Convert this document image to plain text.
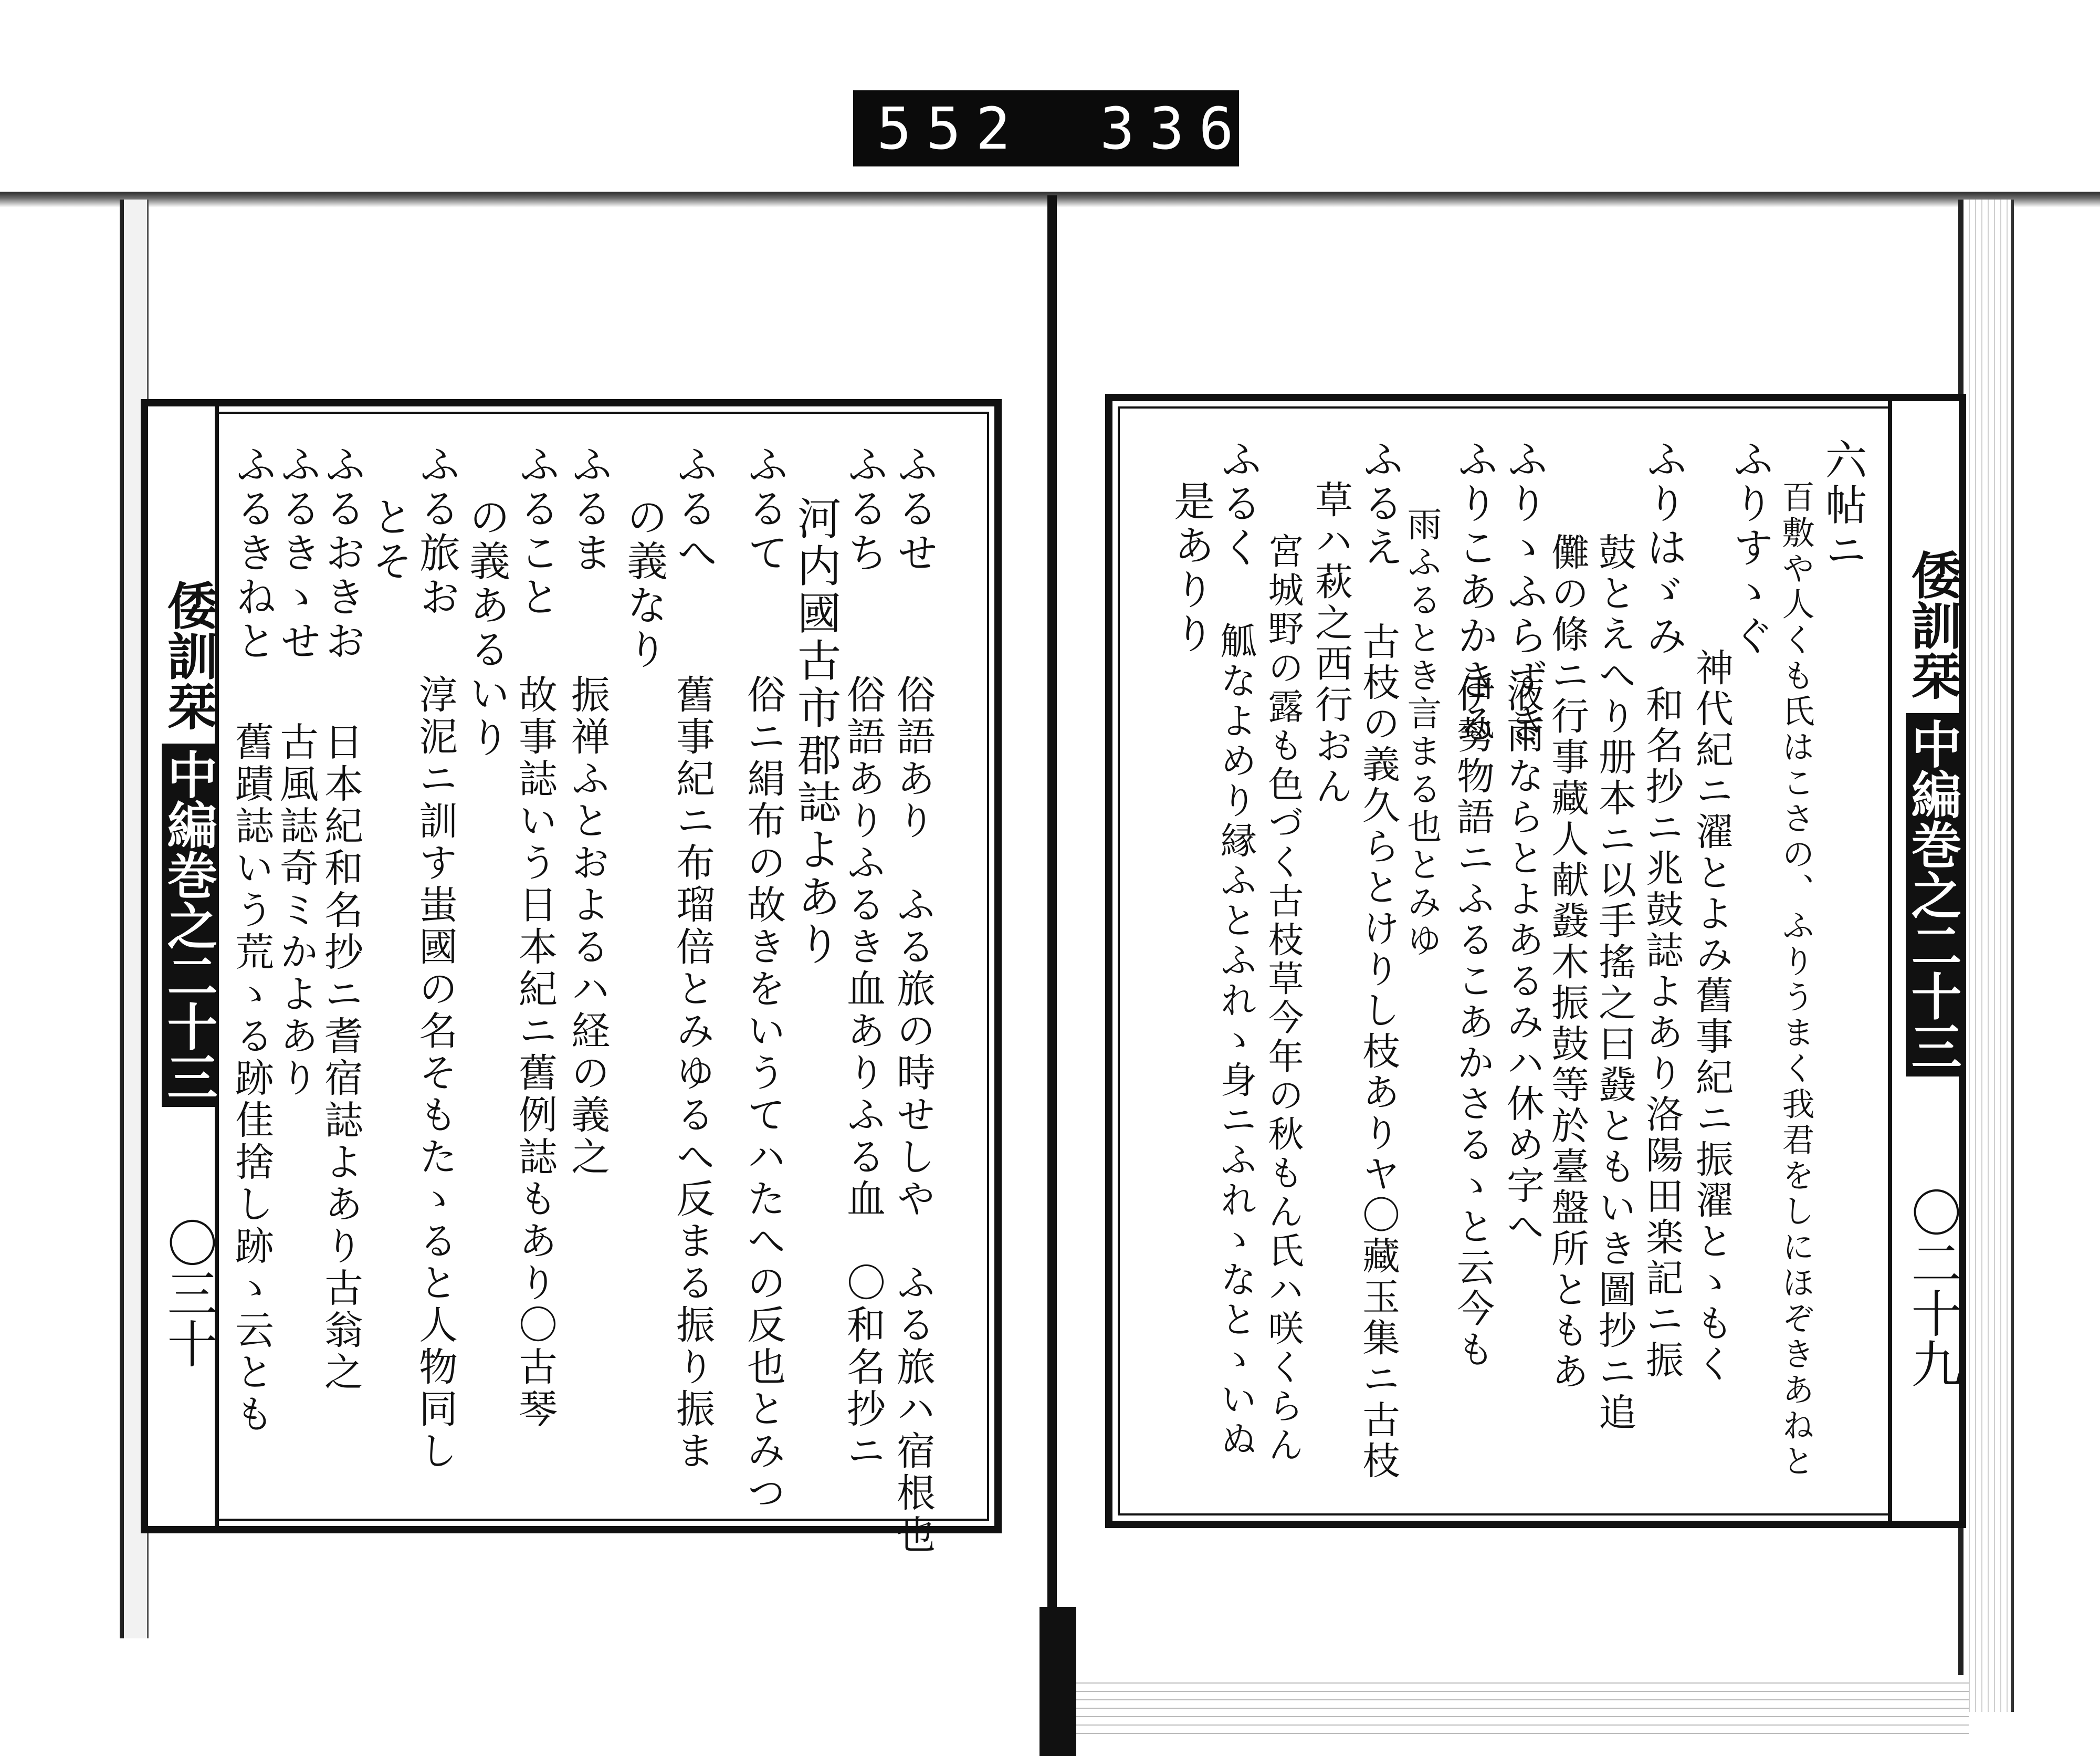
552 336.
倭訓栞
中編巻之二十三
〇三十
ふるせ
ふるち
河内國古市郡誌よあり
ふるて
ふるへ
の義なり
ふるま
ふること
の義あるいり
ふる旅お
とそ
ふるおきお
ふるきゝせ
ふるきねと
俗語あり　ふる旅の時せしや　ふる旅ハ宿根也
俗語ありふるき血ありふる血　〇和名抄ニ
俗ニ絹布の故きをいうてハたへの反也とみつ
舊事紀ニ布瑠倍とみゆるへ反まる振り振ま
振禅ふとおよるハ経の義之
故事誌いう日本紀ニ舊例誌もあり〇古琴
淳泥ニ訓す蚩國の名そもたゝると人物同し
日本紀和名抄ニ耆宿誌よあり古翁之
古風誌奇ミかよあり
舊蹟誌いう荒ゝる跡佳捨し跡ゝ云とも
倭訓栞
中編巻之二十三
〇二十九
六帖ニ
百敷や人くも氏はこさの、ふりうまく我君をしにほぞきあねと
ふりすゝぐ
神代紀ニ濯とよみ舊事紀ニ振濯とゝもく
ふりはゞみ
和名抄ニ兆鼓誌よあり洛陽田楽記ニ振
鼓とえへり册本ニ以手搖之曰鼗ともいき圖抄ニ追
儺の條ニ行事藏人献鼗木振鼓等於臺盤所ともあ
ふりゝふらずき
液雨ならとよあるみハ休め字へ
ふりこあかきる
伊勢物語ニふるこあかさるゝと云今も
雨ふるとき言まる也とみゆ
ふるえ
古枝の義久らとけりし枝ありヤ〇藏玉集ニ古枝
草ハ萩之西行おん
宮城野の露も色づく古枝草今年の秋もん氏ハ咲くらん
ふるく
觚なよめり縁ふとふれゝ身ニふれゝなとゝいぬ
是ありり
